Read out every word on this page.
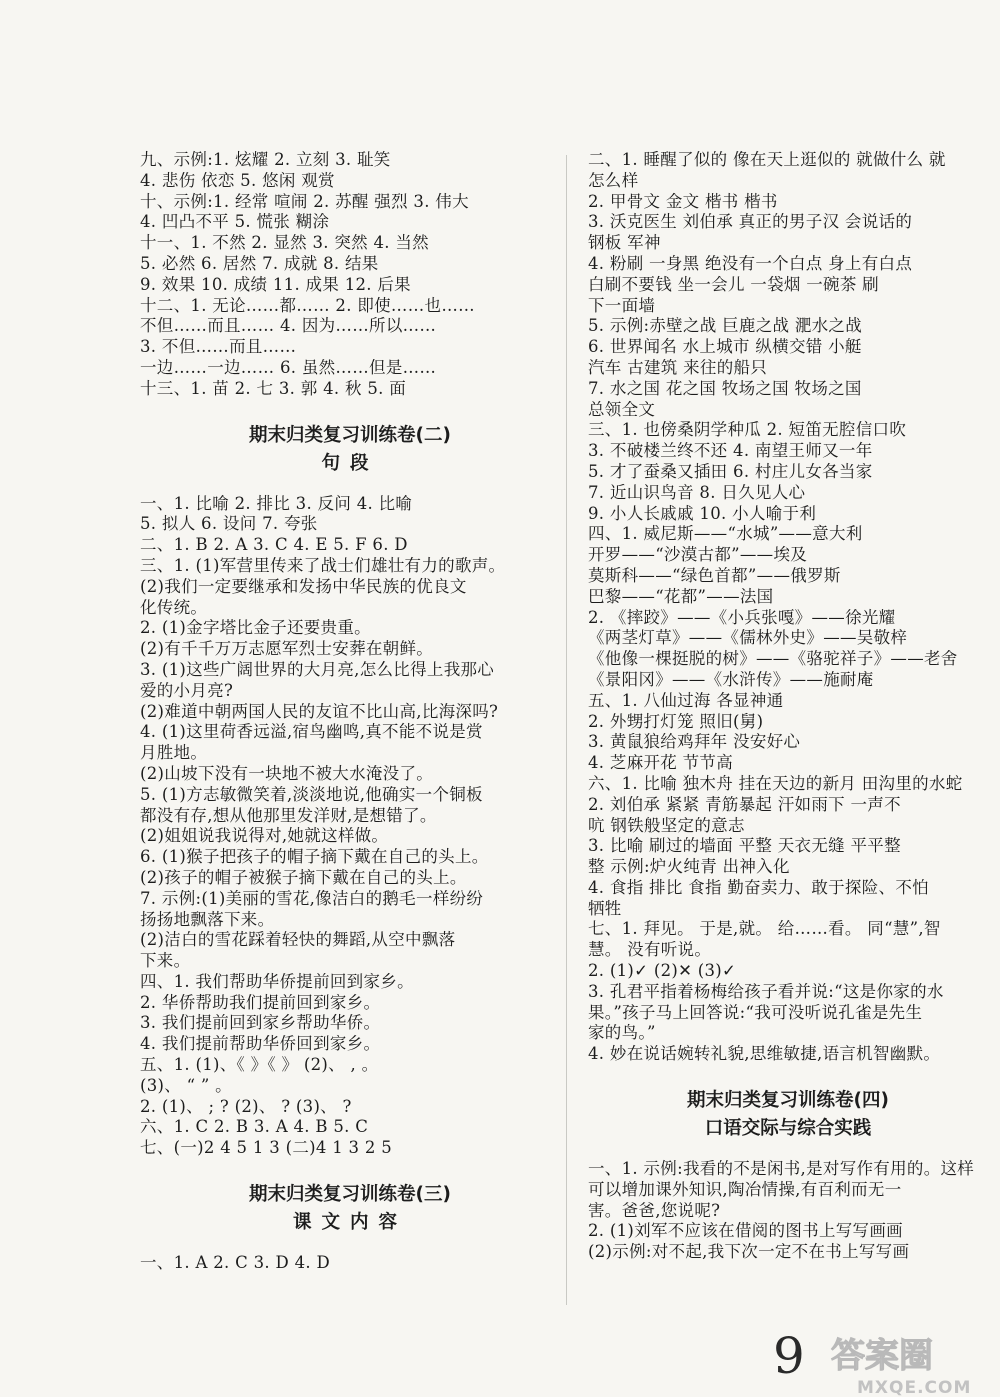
九、示例:1. 炫耀 2. 立刻 3. 耻笑
4. 悲伤 依恋 5. 悠闲 观赏
十、示例:1. 经常 喧闹 2. 苏醒 强烈 3. 伟大
4. 凹凸不平 5. 慌张 糊涂
十一、1. 不然 2. 显然 3. 突然 4. 当然
5. 必然 6. 居然 7. 成就 8. 结果
9. 效果 10. 成绩 11. 成果 12. 后果
十二、1. 无论……都…… 2. 即使……也……
不但……而且…… 4. 因为……所以……
3. 不但……而且……
一边……一边…… 6. 虽然……但是……
十三、1. 苗 2. 七 3. 郭 4. 秋 5. 面
期末归类复习训练卷(二)
句段
一、1. 比喻 2. 排比 3. 反问 4. 比喻
5. 拟人 6. 设问 7. 夸张
二、1. B 2. A 3. C 4. E 5. F 6. D
三、1. (1)军营里传来了战士们雄壮有力的歌声。
(2)我们一定要继承和发扬中华民族的优良文
化传统。
2. (1)金字塔比金子还要贵重。
(2)有千千万万志愿军烈士安葬在朝鲜。
3. (1)这些广阔世界的大月亮,怎么比得上我那心
爱的小月亮?
(2)难道中朝两国人民的友谊不比山高,比海深吗?
4. (1)这里荷香远溢,宿鸟幽鸣,真不能不说是赏
月胜地。
(2)山坡下没有一块地不被大水淹没了。
5. (1)方志敏微笑着,淡淡地说,他确实一个铜板
都没有存,想从他那里发洋财,是想错了。
(2)姐姐说我说得对,她就这样做。
6. (1)猴子把孩子的帽子摘下戴在自己的头上。
(2)孩子的帽子被猴子摘下戴在自己的头上。
7. 示例:(1)美丽的雪花,像洁白的鹅毛一样纷纷
扬扬地飘落下来。
(2)洁白的雪花踩着轻快的舞蹈,从空中飘落
下来。
四、1. 我们帮助华侨提前回到家乡。
2. 华侨帮助我们提前回到家乡。
3. 我们提前回到家乡帮助华侨。
4. 我们提前帮助华侨回到家乡。
五、1. (1)、《 》《 》 (2)、 , 。
(3)、 “ ” 。
2. (1)、 ; ? (2)、 ? (3)、 ?
六、1. C 2. B 3. A 4. B 5. C
七、(一)2 4 5 1 3 (二)4 1 3 2 5
期末归类复习训练卷(三)
课文内容
一、1. A 2. C 3. D 4. D
二、1. 睡醒了似的 像在天上逛似的 就做什么 就
怎么样
2. 甲骨文 金文 楷书 楷书
3. 沃克医生 刘伯承 真正的男子汉 会说话的
钢板 军神
4. 粉刷 一身黑 绝没有一个白点 身上有白点
白刷不要钱 坐一会儿 一袋烟 一碗茶 刷
下一面墙
5. 示例:赤壁之战 巨鹿之战 淝水之战
6. 世界闻名 水上城市 纵横交错 小艇
汽车 古建筑 来往的船只
7. 水之国 花之国 牧场之国 牧场之国
总领全文
三、1. 也傍桑阴学种瓜 2. 短笛无腔信口吹
3. 不破楼兰终不还 4. 南望王师又一年
5. 才了蚕桑又插田 6. 村庄儿女各当家
7. 近山识鸟音 8. 日久见人心
9. 小人长戚戚 10. 小人喻于利
四、1. 威尼斯——“水城”——意大利
开罗——“沙漠古都”——埃及
莫斯科——“绿色首都”——俄罗斯
巴黎——“花都”——法国
2. 《摔跤》——《小兵张嘎》——徐光耀
《两茎灯草》——《儒林外史》——吴敬梓
《他像一棵挺脱的树》——《骆驼祥子》——老舍
《景阳冈》——《水浒传》——施耐庵
五、1. 八仙过海 各显神通
2. 外甥打灯笼 照旧(舅)
3. 黄鼠狼给鸡拜年 没安好心
4. 芝麻开花 节节高
六、1. 比喻 独木舟 挂在天边的新月 田沟里的水蛇
2. 刘伯承 紧紧 青筋暴起 汗如雨下 一声不
吭 钢铁般坚定的意志
3. 比喻 刷过的墙面 平整 天衣无缝 平平整
整 示例:炉火纯青 出神入化
4. 食指 排比 食指 勤奋卖力、敢于探险、不怕
牺牲
七、1. 拜见。 于是,就。 给……看。 同“慧”,智
慧。 没有听说。
2. (1)✓ (2)✕ (3)✓
3. 孔君平指着杨梅给孩子看并说:“这是你家的水
果。”孩子马上回答说:“我可没听说孔雀是先生
家的鸟。”
4. 妙在说话婉转礼貌,思维敏捷,语言机智幽默。
期末归类复习训练卷(四)
口语交际与综合实践
一、1. 示例:我看的不是闲书,是对写作有用的。这样
可以增加课外知识,陶冶情操,有百利而无一
害。爸爸,您说呢?
2. (1)刘军不应该在借阅的图书上写写画画
(2)示例:对不起,我下次一定不在书上写写画
9 答案圈
MXQE.COM
